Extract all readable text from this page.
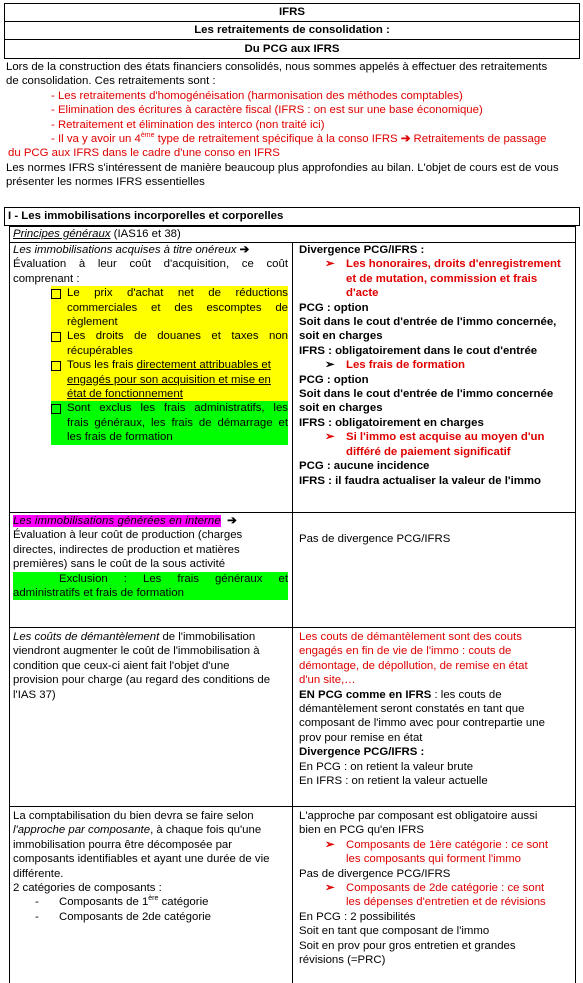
IFRS
Les retraitements de consolidation :
Du PCG aux IFRS
Lors de la construction des états financiers consolidés, nous sommes appelés à effectuer des retraitements
de consolidation. Ces retraitements sont :
- Les retraitements d'homogénéisation (harmonisation des méthodes comptables)
- Elimination des écritures à caractère fiscal (IFRS : on est sur une base économique)
- Retraitement et élimination des interco (non traité ici)
- Il va y avoir un 4ème type de retraitement spécifique à la conso IFRS ➔ Retraitements de passage
du PCG aux IFRS dans le cadre d'une conso en IFRS
Les normes IFRS s'intéressent de manière beaucoup plus approfondies au bilan. L'objet de cours est de vous
présenter les normes IFRS essentielles
I - Les immobilisations incorporelles et corporelles
Principes généraux (IAS16 et 38)
Les immobilisations acquises à titre onéreux ➔
Évaluation à leur coût d'acquisition, ce coût
comprenant :
Le prix d'achat net de réductions
commerciales et des escomptes de
règlement
Les droits de douanes et taxes non
récupérables
Tous les frais directement attribuables et
engagés pour son acquisition et mise en
état de fonctionnement
Sont exclus les frais administratifs, les
frais généraux, les frais de démarrage et
les frais de formation
Divergence PCG/IFRS :
➢ Les honoraires, droits d'enregistrement
et de mutation, commission et frais
d'acte
PCG : option
Soit dans le cout d'entrée de l'immo concernée,
soit en charges
IFRS : obligatoirement dans le cout d'entrée
➢ Les frais de formation
PCG : option
Soit dans le cout d'entrée de l'immo concernée
soit en charges
IFRS : obligatoirement en charges
➢ Si l'immo est acquise au moyen d'un
différé de paiement significatif
PCG : aucune incidence
IFRS : il faudra actualiser la valeur de l'immo
Les immobilisations générées en interne ➔
Évaluation à leur coût de production (charges
directes, indirectes de production et matières
premières) sans le coût de la sous activité
Exclusion : Les frais généraux et
administratifs et frais de formation
Pas de divergence PCG/IFRS
Les coûts de démantèlement de l'immobilisation
viendront augmenter le coût de l'immobilisation à
condition que ceux-ci aient fait l'objet d'une
provision pour charge (au regard des conditions de
l'IAS 37)
Les couts de démantèlement sont des couts
engagés en fin de vie de l'immo : couts de
démontage, de dépollution, de remise en état
d'un site,…
EN PCG comme en IFRS : les couts de
démantèlement seront constatés en tant que
composant de l'immo avec pour contrepartie une
prov pour remise en état
Divergence PCG/IFRS :
En PCG : on retient la valeur brute
En IFRS : on retient la valeur actuelle
La comptabilisation du bien devra se faire selon
l'approche par composante, à chaque fois qu'une
immobilisation pourra être décomposée par
composants identifiables et ayant une durée de vie
différente.
2 catégories de composants :
- Composants de 1ère catégorie
- Composants de 2de catégorie
L'approche par composant est obligatoire aussi
bien en PCG qu'en IFRS
➢ Composants de 1ère catégorie : ce sont
les composants qui forment l'immo
Pas de divergence PCG/IFRS
➢ Composants de 2de catégorie : ce sont
les dépenses d'entretien et de révisions
En PCG : 2 possibilités
Soit en tant que composant de l'immo
Soit en prov pour gros entretien et grandes
révisions (=PRC)
